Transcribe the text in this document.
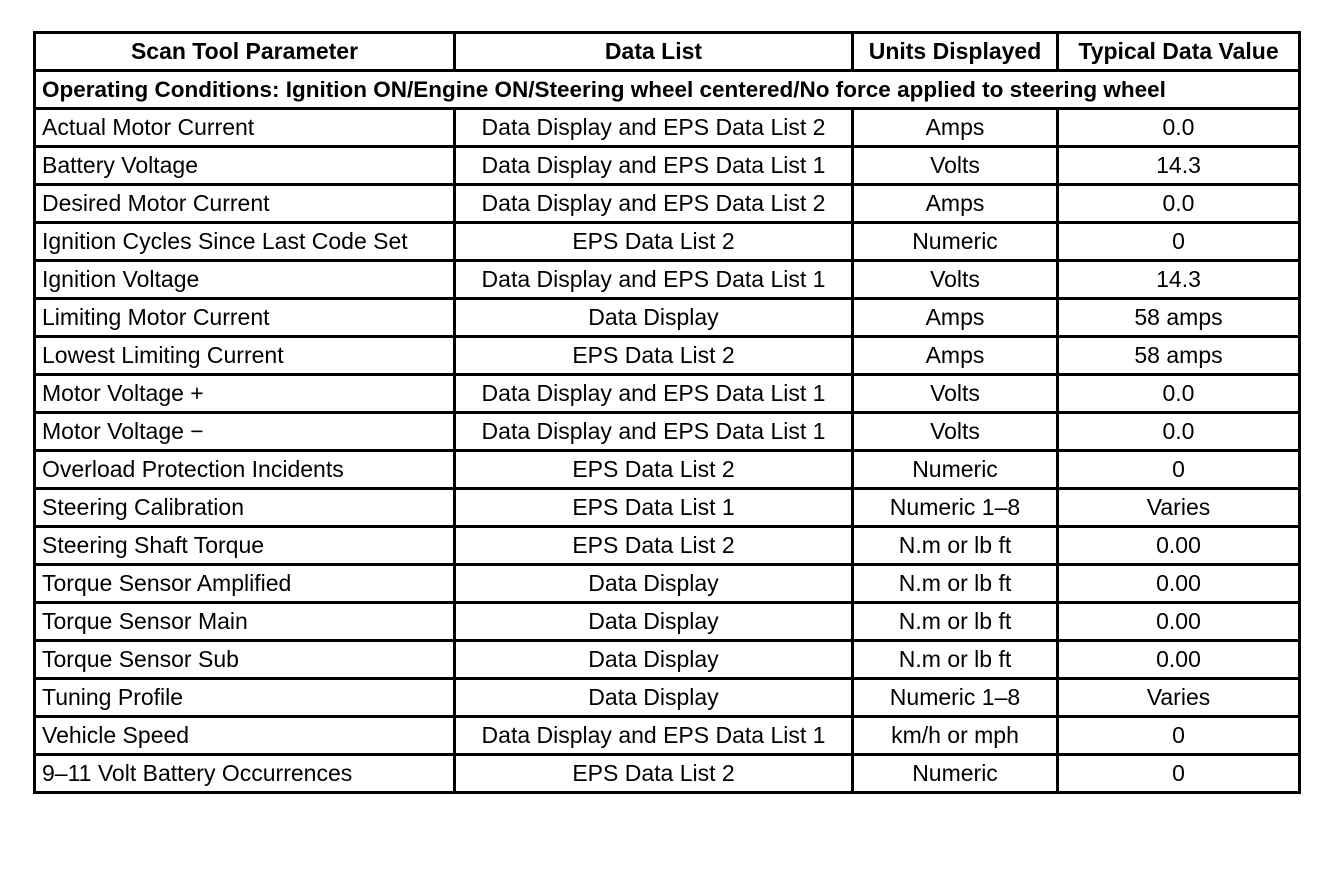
Scan Tool Parameter	Data List	Units Displayed	Typical Data Value
Operating Conditions: Ignition ON/Engine ON/Steering wheel centered/No force applied to steering wheel			
Actual Motor Current	Data Display and EPS Data List 2	Amps	0.0
Battery Voltage	Data Display and EPS Data List 1	Volts	14.3
Desired Motor Current	Data Display and EPS Data List 2	Amps	0.0
Ignition Cycles Since Last Code Set	EPS Data List 2	Numeric	0
Ignition Voltage	Data Display and EPS Data List 1	Volts	14.3
Limiting Motor Current	Data Display	Amps	58 amps
Lowest Limiting Current	EPS Data List 2	Amps	58 amps
Motor Voltage +	Data Display and EPS Data List 1	Volts	0.0
Motor Voltage −	Data Display and EPS Data List 1	Volts	0.0
Overload Protection Incidents	EPS Data List 2	Numeric	0
Steering Calibration	EPS Data List 1	Numeric 1–8	Varies
Steering Shaft Torque	EPS Data List 2	N.m or lb ft	0.00
Torque Sensor Amplified	Data Display	N.m or lb ft	0.00
Torque Sensor Main	Data Display	N.m or lb ft	0.00
Torque Sensor Sub	Data Display	N.m or lb ft	0.00
Tuning Profile	Data Display	Numeric 1–8	Varies
Vehicle Speed	Data Display and EPS Data List 1	km/h or mph	0
9–11 Volt Battery Occurrences	EPS Data List 2	Numeric	0
